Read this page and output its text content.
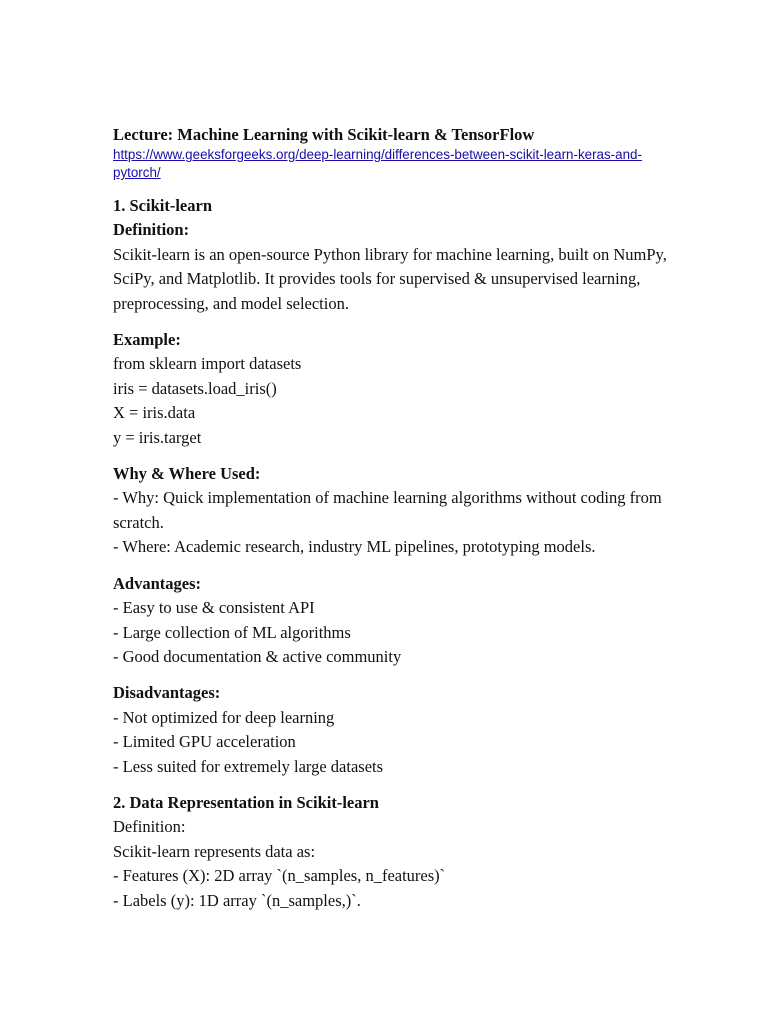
Lecture: Machine Learning with Scikit-learn & TensorFlow

https://www.geeksforgeeks.org/deep-learning/differences-between-scikit-learn-keras-and-pytorch/

1. Scikit-learn

Definition:

Scikit-learn is an open-source Python library for machine learning, built on NumPy, SciPy, and Matplotlib. It provides tools for supervised & unsupervised learning, preprocessing, and model selection.

Example:

from sklearn import datasets

iris = datasets.load_iris()

X = iris.data

y = iris.target

Why & Where Used:

- Why: Quick implementation of machine learning algorithms without coding from scratch.

- Where: Academic research, industry ML pipelines, prototyping models.

Advantages:

- Easy to use & consistent API

- Large collection of ML algorithms

- Good documentation & active community

Disadvantages:

- Not optimized for deep learning

- Limited GPU acceleration

- Less suited for extremely large datasets

2. Data Representation in Scikit-learn

Definition:

Scikit-learn represents data as:

- Features (X): 2D array `(n_samples, n_features)`

- Labels (y): 1D array `(n_samples,)`.
